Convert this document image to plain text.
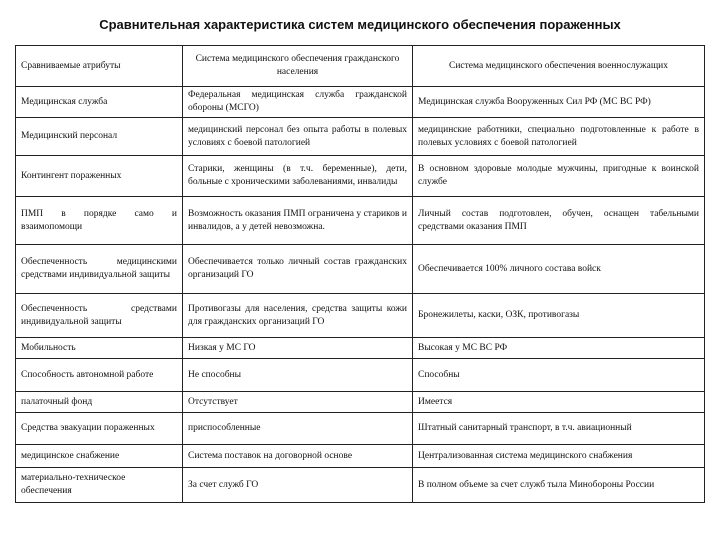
Сравнительная характеристика систем медицинского обеспечения пораженных
Сравниваемые атрибуты	Система медицинского обеспечения гражданского населения	Система медицинского обеспечения военнослужащих
Медицинская служба	Федеральная медицинская служба гражданской обороны (МСГО)	Медицинская служба Вооруженных Сил РФ (МС ВС РФ)
Медицинский персонал	медицинский персонал без опыта работы в полевых условиях с боевой патологией	медицинские работники, специально подготовленные к работе в полевых условиях с боевой патологией
Контингент пораженных	Старики, женщины (в т.ч. беременные), дети, больные с хроническими заболеваниями, инвалиды	В основном здоровые молодые мужчины, пригодные к воинской службе
ПМП в порядке само и взаимопомощи	Возможность оказания ПМП ограничена у стариков и инвалидов, а у детей невозможна.	Личный состав подготовлен, обучен, оснащен табельными средствами оказания ПМП
Обеспеченность медицинскими средствами индивидуальной защиты	Обеспечивается только личный состав гражданских организаций ГО	Обеспечивается 100% личного состава войск
Обеспеченность средствами индивидуальной защиты	Противогазы для населения, средства защиты кожи для гражданских организаций ГО	Бронежилеты, каски, ОЗК, противогазы
Мобильность	Низкая у МС ГО	Высокая у МС ВС РФ
Способность автономной работе	Не способны	Способны
палаточный фонд	Отсутствует	Имеется
Средства эвакуации пораженных	приспособленные	Штатный санитарный транспорт, в т.ч. авиационный
медицинское снабжение	Система поставок на договорной основе	Централизованная система медицинского снабжения
материально-техническое обеспечения	За счет служб ГО	В полном объеме за счет служб тыла Минобороны России
